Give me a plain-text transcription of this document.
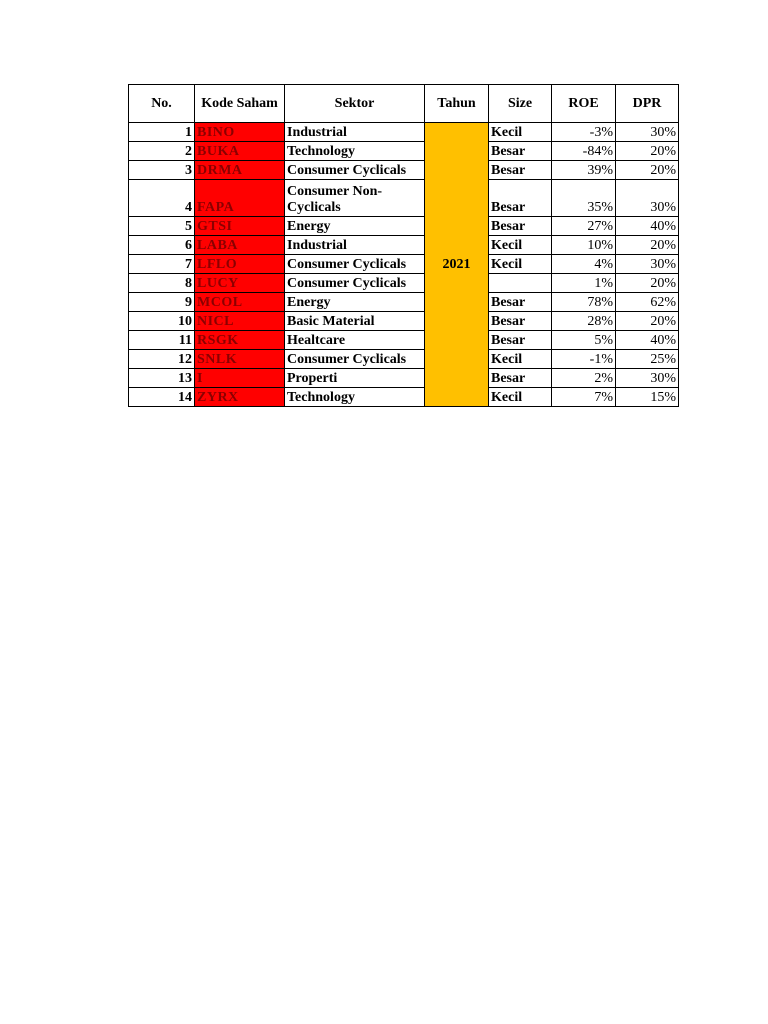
No.	Kode Saham	Sektor	Tahun	Size	ROE	DPR
1	BINO	Industrial	2021	Kecil	-3%	30%
2	BUKA	Technology		Besar	-84%	20%
3	DRMA	Consumer Cyclicals		Besar	39%	20%
4	FAPA	Consumer Non-Cyclicals		Besar	35%	30%
5	GTSI	Energy		Besar	27%	40%
6	LABA	Industrial		Kecil	10%	20%
7	LFLO	Consumer Cyclicals		Kecil	4%	30%
8	LUCY	Consumer Cyclicals			1%	20%
9	MCOL	Energy		Besar	78%	62%
10	NICL	Basic Material		Besar	28%	20%
11	RSGK	Healtcare		Besar	5%	40%
12	SNLK	Consumer Cyclicals		Kecil	-1%	25%
13	I	Properti		Besar	2%	30%
14	ZYRX	Technology		Kecil	7%	15%
